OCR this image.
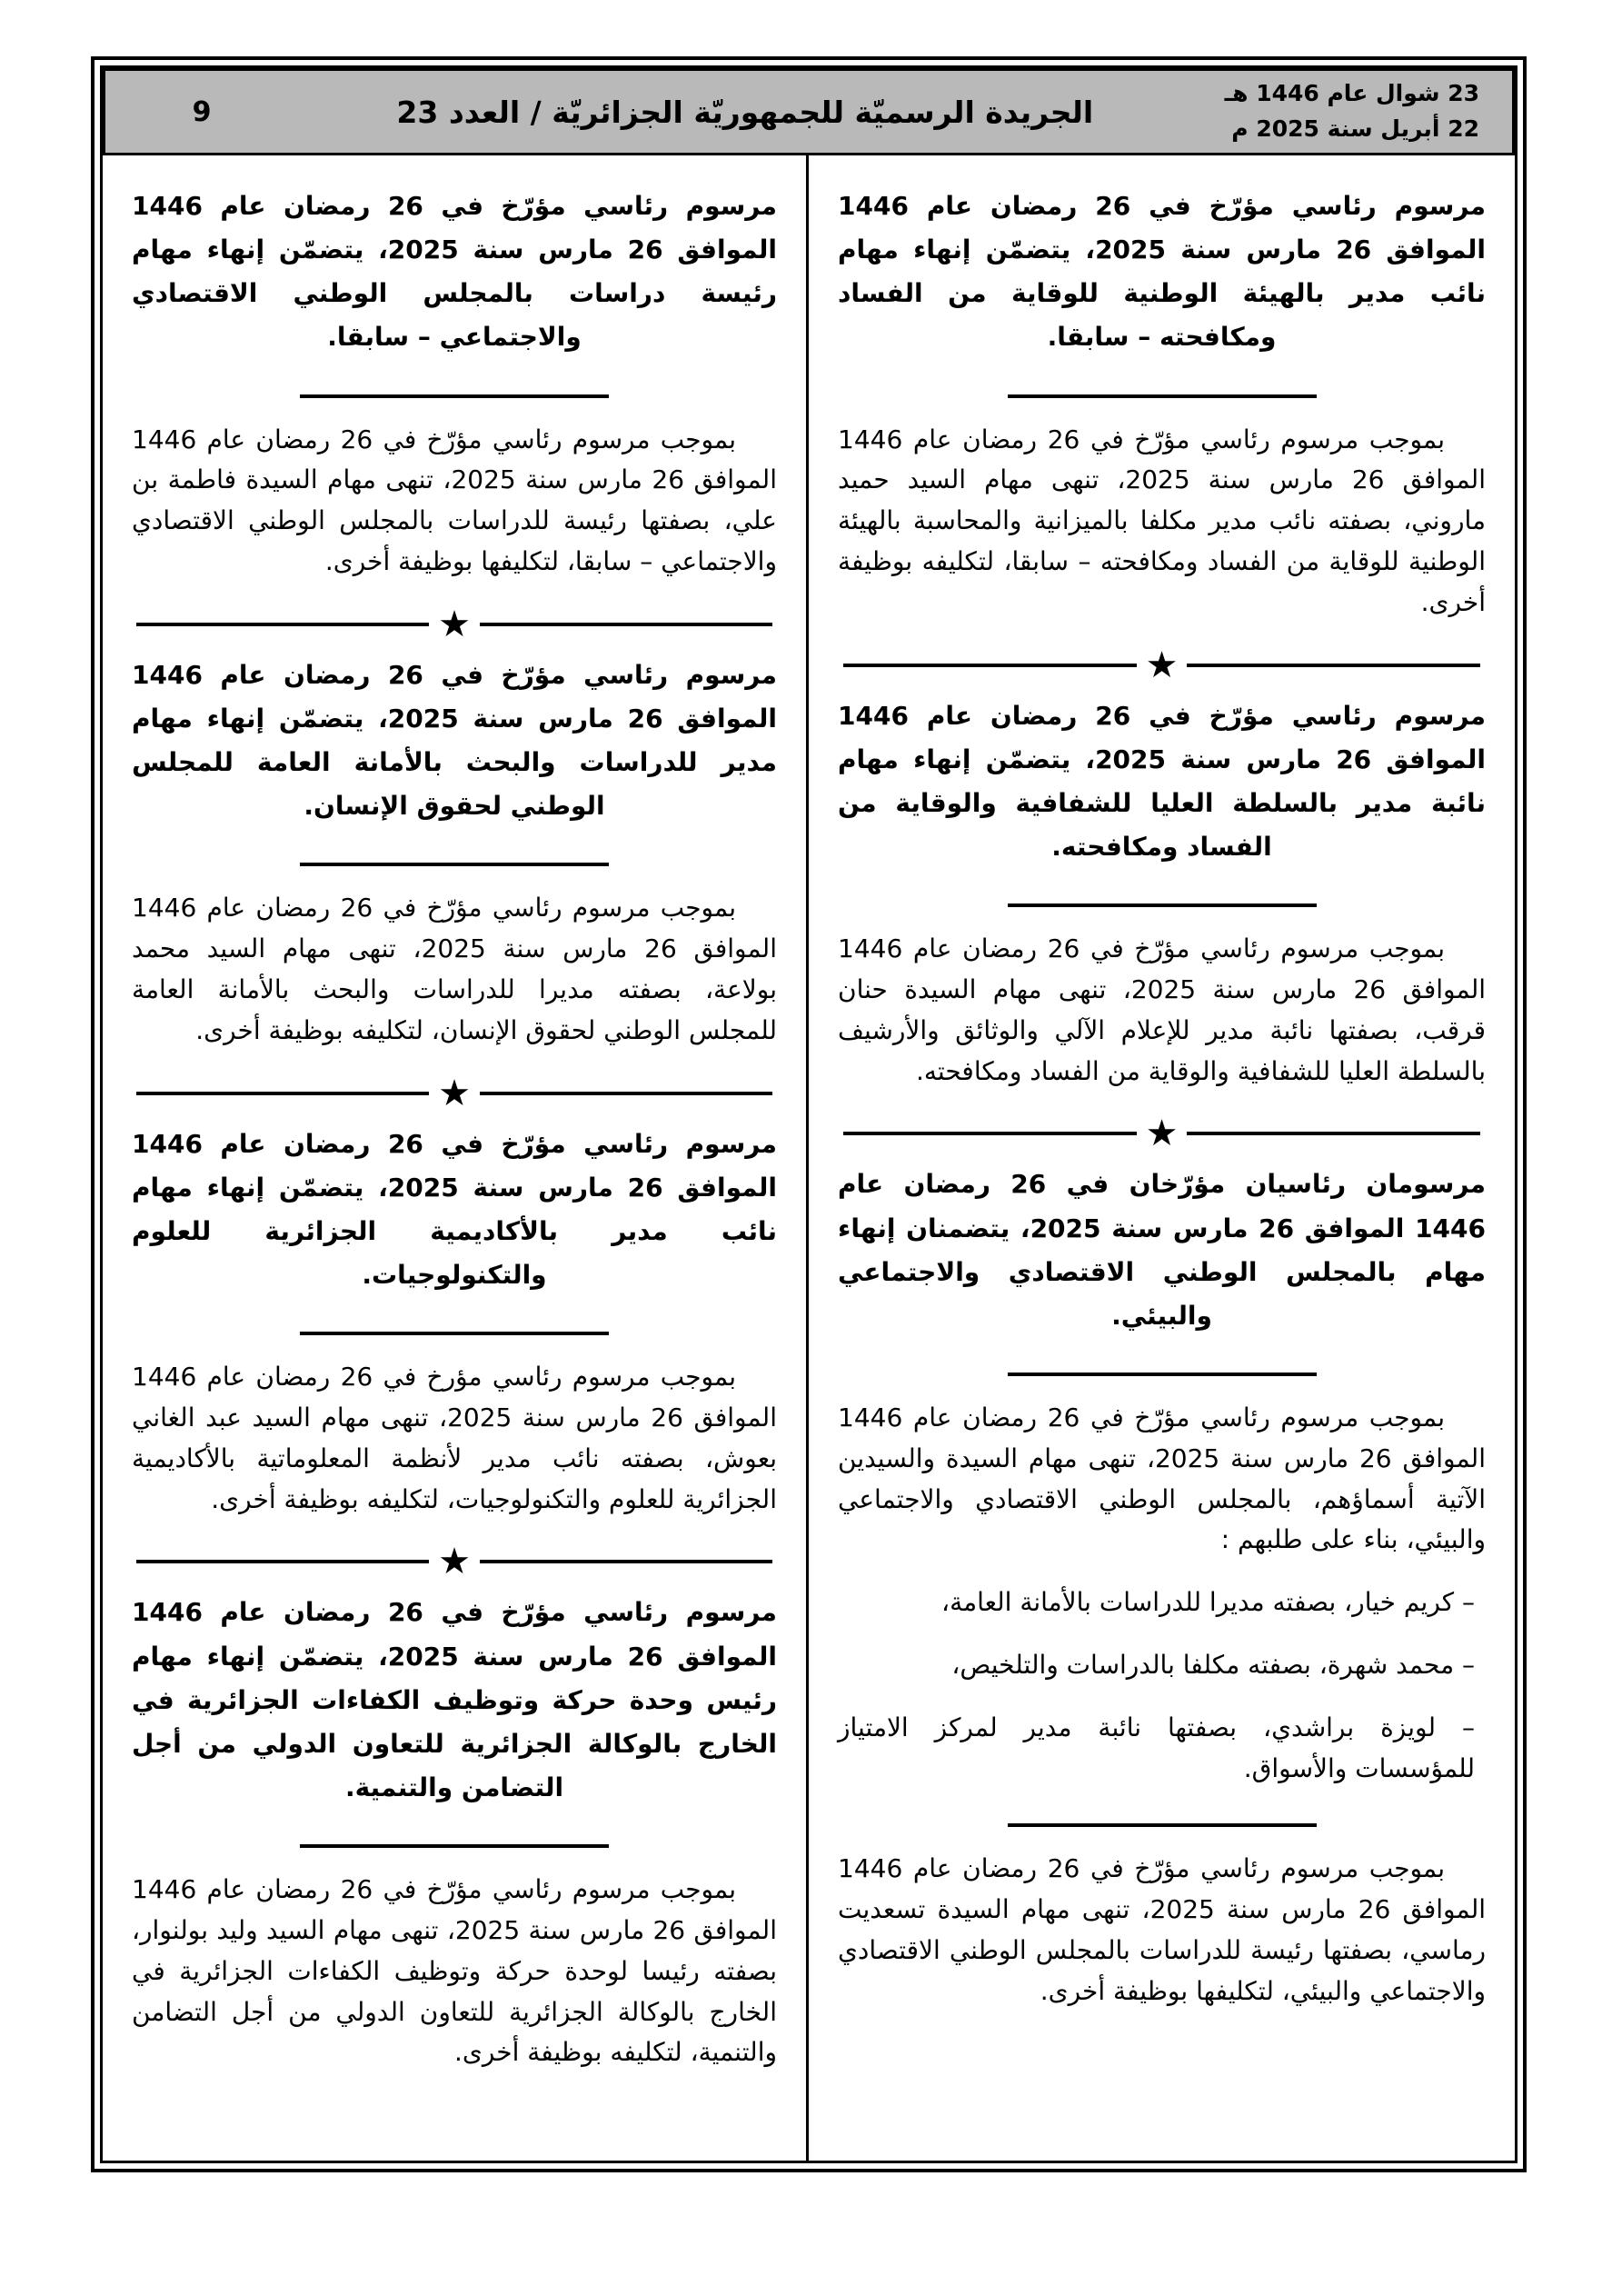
23 شوال عام 1446 هـ
22 أبريل سنة 2025 م
الجريدة الرسميّة للجمهوريّة الجزائريّة / العدد 23
9

مرسوم رئاسي مؤرّخ في 26 رمضان عام 1446 الموافق 26 مارس سنة 2025، يتضمّن إنهاء مهام نائب مدير بالهيئة الوطنية للوقاية من الفساد ومكافحته – سابقا.

بموجب مرسوم رئاسي مؤرّخ في 26 رمضان عام 1446 الموافق 26 مارس سنة 2025، تنهى مهام السيد حميد ماروني، بصفته نائب مدير مكلفا بالميزانية والمحاسبة بالهيئة الوطنية للوقاية من الفساد ومكافحته – سابقا، لتكليفه بوظيفة أخرى.

★

مرسوم رئاسي مؤرّخ في 26 رمضان عام 1446 الموافق 26 مارس سنة 2025، يتضمّن إنهاء مهام نائبة مدير بالسلطة العليا للشفافية والوقاية من الفساد ومكافحته.

بموجب مرسوم رئاسي مؤرّخ في 26 رمضان عام 1446 الموافق 26 مارس سنة 2025، تنهى مهام السيدة حنان قرقب، بصفتها نائبة مدير للإعلام الآلي والوثائق والأرشيف بالسلطة العليا للشفافية والوقاية من الفساد ومكافحته.

★

مرسومان رئاسيان مؤرّخان في 26 رمضان عام 1446 الموافق 26 مارس سنة 2025، يتضمنان إنهاء مهام بالمجلس الوطني الاقتصادي والاجتماعي والبيئي.

بموجب مرسوم رئاسي مؤرّخ في 26 رمضان عام 1446 الموافق 26 مارس سنة 2025، تنهى مهام السيدة والسيدين الآتية أسماؤهم، بالمجلس الوطني الاقتصادي والاجتماعي والبيئي، بناء على طلبهم :

– كريم خيار، بصفته مديرا للدراسات بالأمانة العامة،

– محمد شهرة، بصفته مكلفا بالدراسات والتلخيص،

– لويزة براشدي، بصفتها نائبة مدير لمركز الامتياز للمؤسسات والأسواق.

بموجب مرسوم رئاسي مؤرّخ في 26 رمضان عام 1446 الموافق 26 مارس سنة 2025، تنهى مهام السيدة تسعديت رماسي، بصفتها رئيسة للدراسات بالمجلس الوطني الاقتصادي والاجتماعي والبيئي، لتكليفها بوظيفة أخرى.

مرسوم رئاسي مؤرّخ في 26 رمضان عام 1446 الموافق 26 مارس سنة 2025، يتضمّن إنهاء مهام رئيسة دراسات بالمجلس الوطني الاقتصادي والاجتماعي – سابقا.

بموجب مرسوم رئاسي مؤرّخ في 26 رمضان عام 1446 الموافق 26 مارس سنة 2025، تنهى مهام السيدة فاطمة بن علي، بصفتها رئيسة للدراسات بالمجلس الوطني الاقتصادي والاجتماعي – سابقا، لتكليفها بوظيفة أخرى.

★

مرسوم رئاسي مؤرّخ في 26 رمضان عام 1446 الموافق 26 مارس سنة 2025، يتضمّن إنهاء مهام مدير للدراسات والبحث بالأمانة العامة للمجلس الوطني لحقوق الإنسان.

بموجب مرسوم رئاسي مؤرّخ في 26 رمضان عام 1446 الموافق 26 مارس سنة 2025، تنهى مهام السيد محمد بولاعة، بصفته مديرا للدراسات والبحث بالأمانة العامة للمجلس الوطني لحقوق الإنسان، لتكليفه بوظيفة أخرى.

★

مرسوم رئاسي مؤرّخ في 26 رمضان عام 1446 الموافق 26 مارس سنة 2025، يتضمّن إنهاء مهام نائب مدير بالأكاديمية الجزائرية للعلوم والتكنولوجيات.

بموجب مرسوم رئاسي مؤرخ في 26 رمضان عام 1446 الموافق 26 مارس سنة 2025، تنهى مهام السيد عبد الغاني بعوش، بصفته نائب مدير لأنظمة المعلوماتية بالأكاديمية الجزائرية للعلوم والتكنولوجيات، لتكليفه بوظيفة أخرى.

★

مرسوم رئاسي مؤرّخ في 26 رمضان عام 1446 الموافق 26 مارس سنة 2025، يتضمّن إنهاء مهام رئيس وحدة حركة وتوظيف الكفاءات الجزائرية في الخارج بالوكالة الجزائرية للتعاون الدولي من أجل التضامن والتنمية.

بموجب مرسوم رئاسي مؤرّخ في 26 رمضان عام 1446 الموافق 26 مارس سنة 2025، تنهى مهام السيد وليد بولنوار، بصفته رئيسا لوحدة حركة وتوظيف الكفاءات الجزائرية في الخارج بالوكالة الجزائرية للتعاون الدولي من أجل التضامن والتنمية، لتكليفه بوظيفة أخرى.
